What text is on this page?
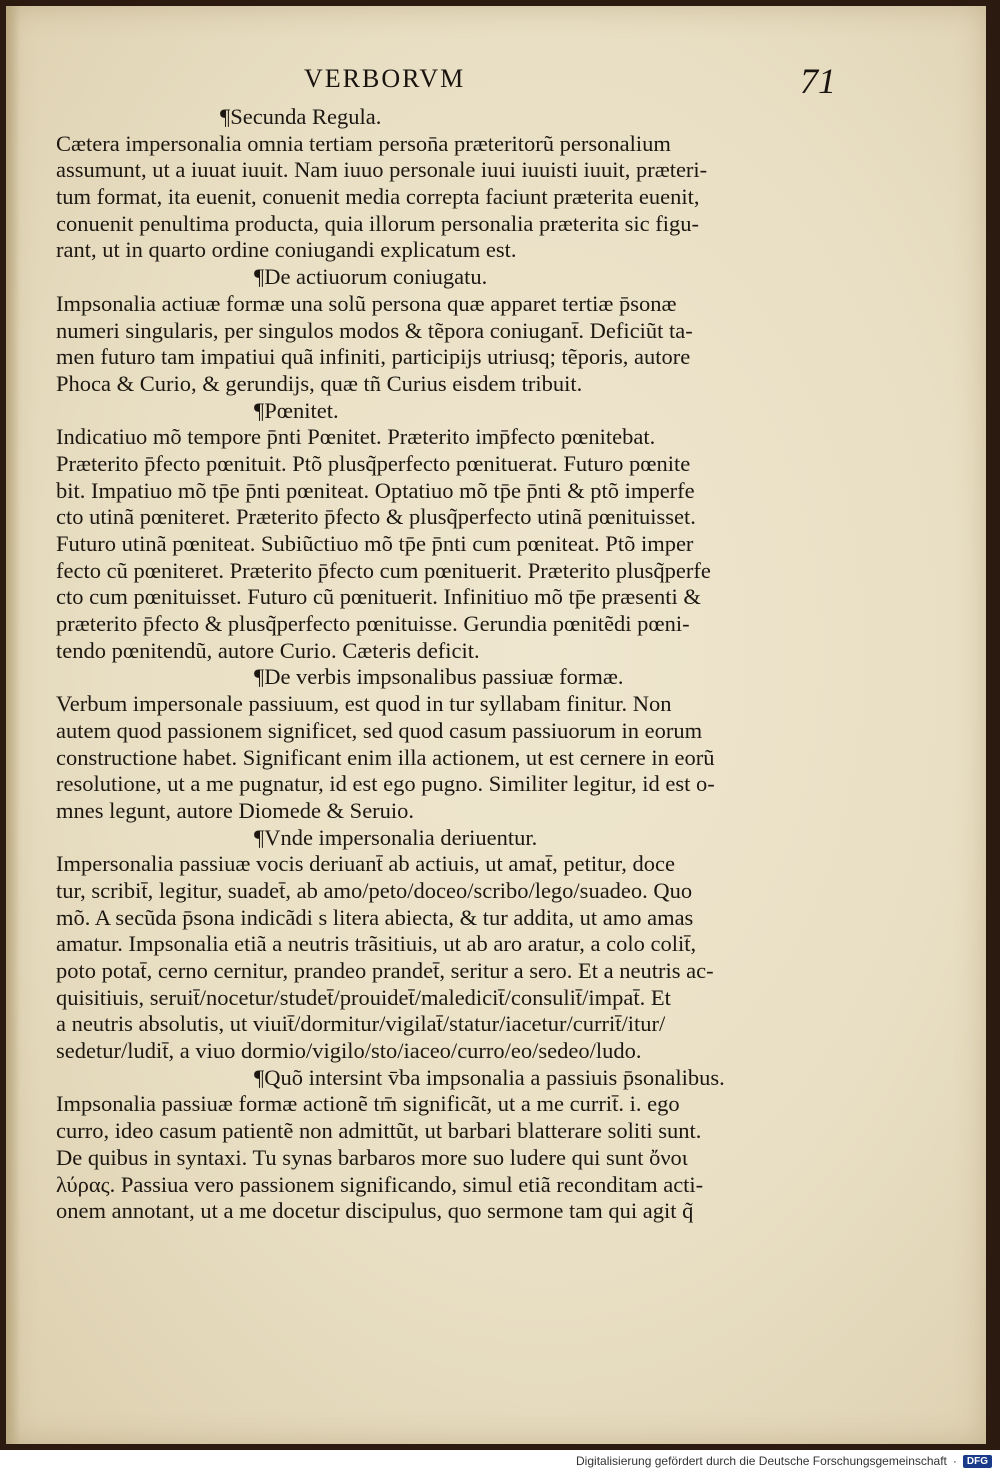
VERBORVM	71
¶Secunda Regula.
Cætera impersonalia omnia tertiam person̄a præteritorũ personalium
assumunt, ut a iuuat iuuit. Nam iuuo personale iuui iuuisti iuuit, præteri-
tum format, ita euenit, conuenit media correpta faciunt præterita euenit,
conuenit penultima producta, quia illorum personalia præterita sic figu-
rant, ut in quarto ordine coniugandi explicatum est.
¶De actiuorum coniugatu.
Impsonalia actiuæ formæ una solũ persona quæ apparet tertiæ p̄sonæ
numeri singularis, per singulos modos & tẽpora coniugant̄. Deficiũt ta-
men futuro tam impatiui quã infiniti, participijs utriusq; tẽporis, autore
Phoca & Curio, & gerundijs, quæ tñ Curius eisdem tribuit.
¶Pœnitet.
Indicatiuo mõ tempore p̄nti Pœnitet. Præterito imp̄fecto pœnitebat.
Præterito p̄fecto pœnituit. Ptõ plusq̃perfecto pœnituerat. Futuro pœnite
bit. Impatiuo mõ tp̄e p̄nti pœniteat. Optatiuo mõ tp̄e p̄nti & ptõ imperfe
cto utinã pœniteret. Præterito p̄fecto & plusq̃perfecto utinã pœnituisset.
Futuro utinã pœniteat. Subiũctiuo mõ tp̄e p̄nti cum pœniteat. Ptõ imper
fecto cũ pœniteret. Præterito p̄fecto cum pœnituerit. Præterito plusq̃perfe
cto cum pœnituisset. Futuro cũ pœnituerit. Infinitiuo mõ tp̄e præsenti &
præterito p̄fecto & plusq̃perfecto pœnituisse. Gerundia pœnitẽdi pœni-
tendo pœnitendũ, autore Curio. Cæteris deficit.
¶De verbis impsonalibus passiuæ formæ.
Verbum impersonale passiuum, est quod in tur syllabam finitur. Non
autem quod passionem significet, sed quod casum passiuorum in eorum
constructione habet. Significant enim illa actionem, ut est cernere in eorũ
resolutione, ut a me pugnatur, id est ego pugno. Similiter legitur, id est o-
mnes legunt, autore Diomede & Seruio.
¶Vnde impersonalia deriuentur.
Impersonalia passiuæ vocis deriuant̄ ab actiuis, ut amat̄, petitur, doce
tur, scribit̄, legitur, suadet̄, ab amo/peto/doceo/scribo/lego/suadeo. Quo
mõ. A secũda p̄sona indicãdi s litera abiecta, & tur addita, ut amo amas
amatur. Impsonalia etiã a neutris trãsitiuis, ut ab aro aratur, a colo colit̄,
poto potat̄, cerno cernitur, prandeo prandet̄, seritur a sero. Et a neutris ac-
quisitiuis, seruit̄/nocetur/studet̄/prouidet̄/maledicit̄/consulit̄/impat̄. Et
a neutris absolutis, ut viuit̄/dormitur/vigilat̄/statur/iacetur/currit̄/itur/
sedetur/ludit̄, a viuo dormio/vigilo/sto/iaceo/curro/eo/sedeo/ludo.
¶Quõ intersint v̄ba impsonalia a passiuis p̄sonalibus.
Impsonalia passiuæ formæ actionẽ tm̄ significãt, ut a me currit̄. i. ego
curro, ideo casum patientẽ non admittũt, ut barbari blatterare soliti sunt.
De quibus in syntaxi. Tu synas barbaros more suo ludere qui sunt ὄνοι
λύρας. Passiua vero passionem significando, simul etiã reconditam acti-
onem annotant, ut a me docetur discipulus, quo sermone tam qui agit q̃
Digitalisierung gefördert durch die Deutsche Forschungsgemeinschaft ·	DFG
